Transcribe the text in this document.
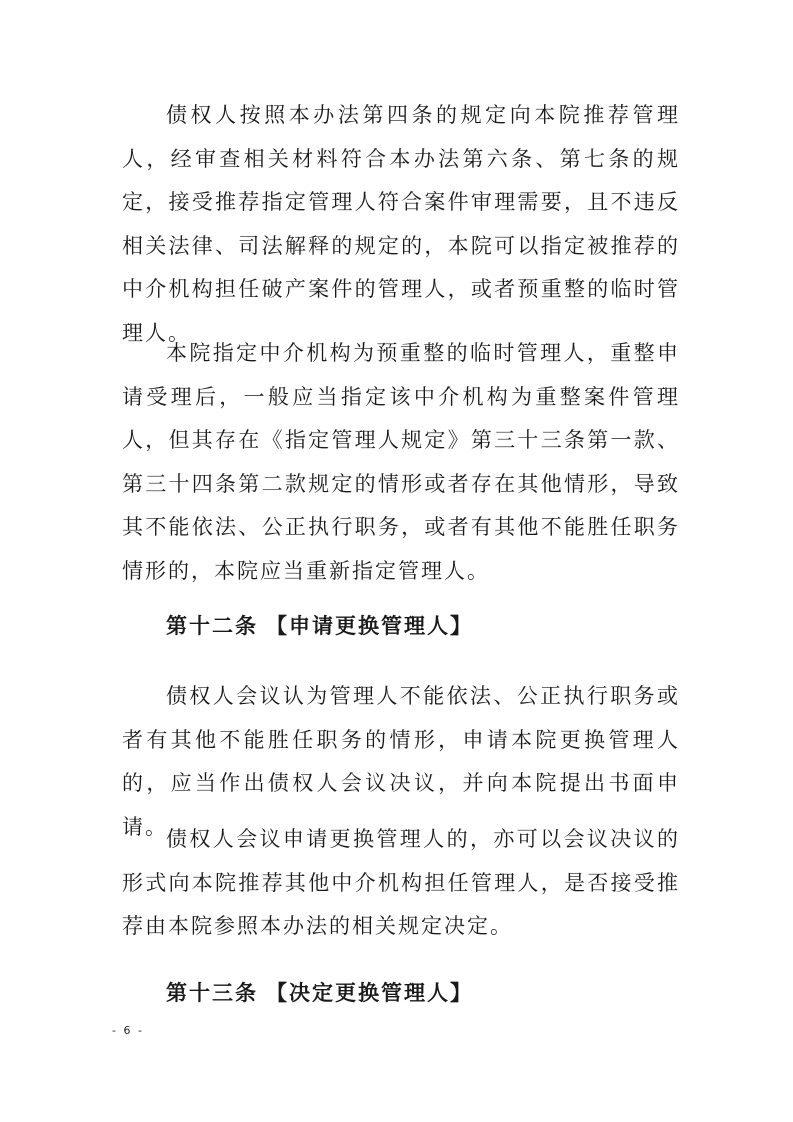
债权人按照本办法第四条的规定向本院推荐管理人，经审查相关材料符合本办法第六条、第七条的规定，接受推荐指定管理人符合案件审理需要，且不违反相关法律、司法解释的规定的，本院可以指定被推荐的中介机构担任破产案件的管理人，或者预重整的临时管理人。

本院指定中介机构为预重整的临时管理人，重整申请受理后，一般应当指定该中介机构为重整案件管理人，但其存在《指定管理人规定》第三十三条第一款、第三十四条第二款规定的情形或者存在其他情形，导致其不能依法、公正执行职务，或者有其他不能胜任职务情形的，本院应当重新指定管理人。

第十二条 【申请更换管理人】

债权人会议认为管理人不能依法、公正执行职务或者有其他不能胜任职务的情形，申请本院更换管理人的，应当作出债权人会议决议，并向本院提出书面申请。

债权人会议申请更换管理人的，亦可以会议决议的形式向本院推荐其他中介机构担任管理人，是否接受推荐由本院参照本办法的相关规定决定。

第十三条 【决定更换管理人】
- 6 -
